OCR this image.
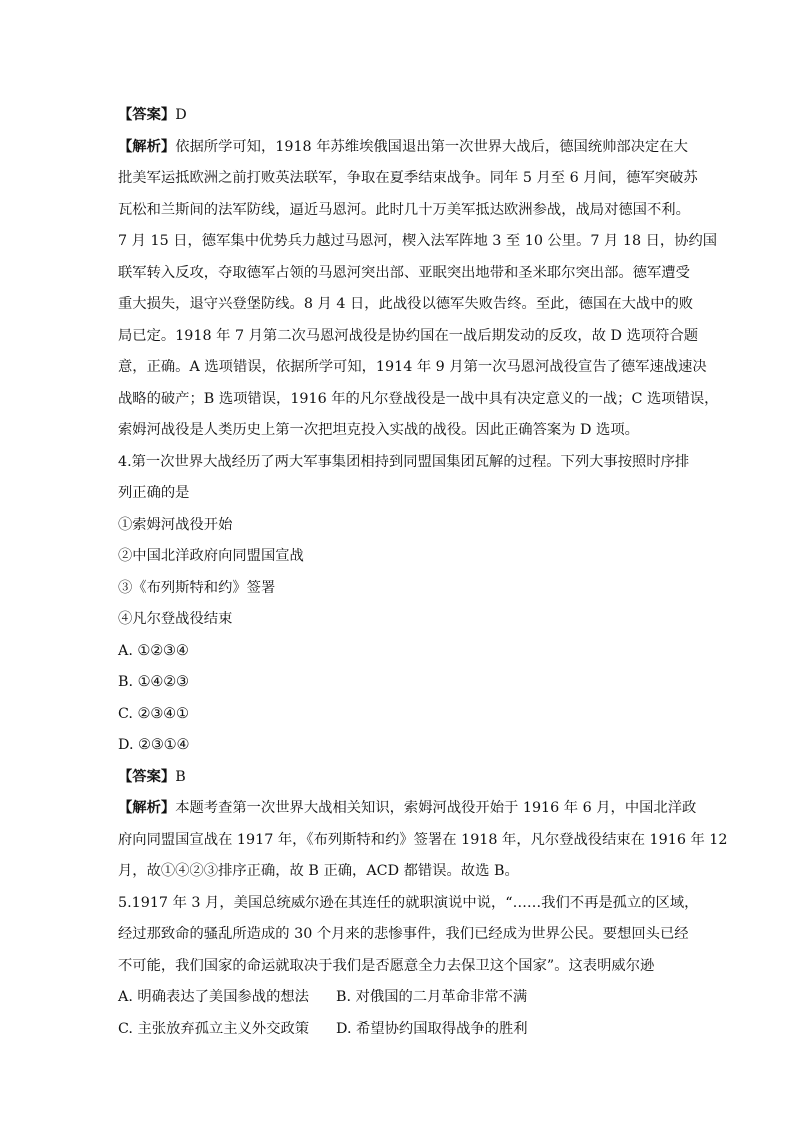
【答案】D

【解析】依据所学可知，1918 年苏维埃俄国退出第一次世界大战后，德国统帅部决定在大

批美军运抵欧洲之前打败英法联军，争取在夏季结束战争。同年 5 月至 6 月间，德军突破苏

瓦松和兰斯间的法军防线，逼近马恩河。此时几十万美军抵达欧洲参战，战局对德国不利。

7 月 15 日，德军集中优势兵力越过马恩河，楔入法军阵地 3 至 10 公里。7 月 18 日，协约国

联军转入反攻，夺取德军占领的马恩河突出部、亚眠突出地带和圣米耶尔突出部。德军遭受

重大损失，退守兴登堡防线。8 月 4 日，此战役以德军失败告终。至此，德国在大战中的败

局已定。1918 年 7 月第二次马恩河战役是协约国在一战后期发动的反攻，故 D 选项符合题

意，正确。A 选项错误，依据所学可知，1914 年 9 月第一次马恩河战役宣告了德军速战速决

战略的破产；B 选项错误，1916 年的凡尔登战役是一战中具有决定意义的一战；C 选项错误，

索姆河战役是人类历史上第一次把坦克投入实战的战役。因此正确答案为 D 选项。

4.第一次世界大战经历了两大军事集团相持到同盟国集团瓦解的过程。下列大事按照时序排

列正确的是

①索姆河战役开始

②中国北洋政府向同盟国宣战

③《布列斯特和约》签署

④凡尔登战役结束

A. ①②③④

B. ①④②③

C. ②③④①

D. ②③①④

【答案】B

【解析】本题考查第一次世界大战相关知识，索姆河战役开始于 1916 年 6 月，中国北洋政

府向同盟国宣战在 1917 年，《布列斯特和约》签署在 1918 年，凡尔登战役结束在 1916 年 12

月，故①④②③排序正确，故 B 正确，ACD 都错误。故选 B。

5.1917 年 3 月，美国总统威尔逊在其连任的就职演说中说，“……我们不再是孤立的区域，

经过那致命的骚乱所造成的 30 个月来的悲惨事件，我们已经成为世界公民。要想回头已经

不可能，我们国家的命运就取决于我们是否愿意全力去保卫这个国家”。这表明威尔逊

A. 明确表达了美国参战的想法	B. 对俄国的二月革命非常不满
C. 主张放弃孤立主义外交政策	D. 希望协约国取得战争的胜利
